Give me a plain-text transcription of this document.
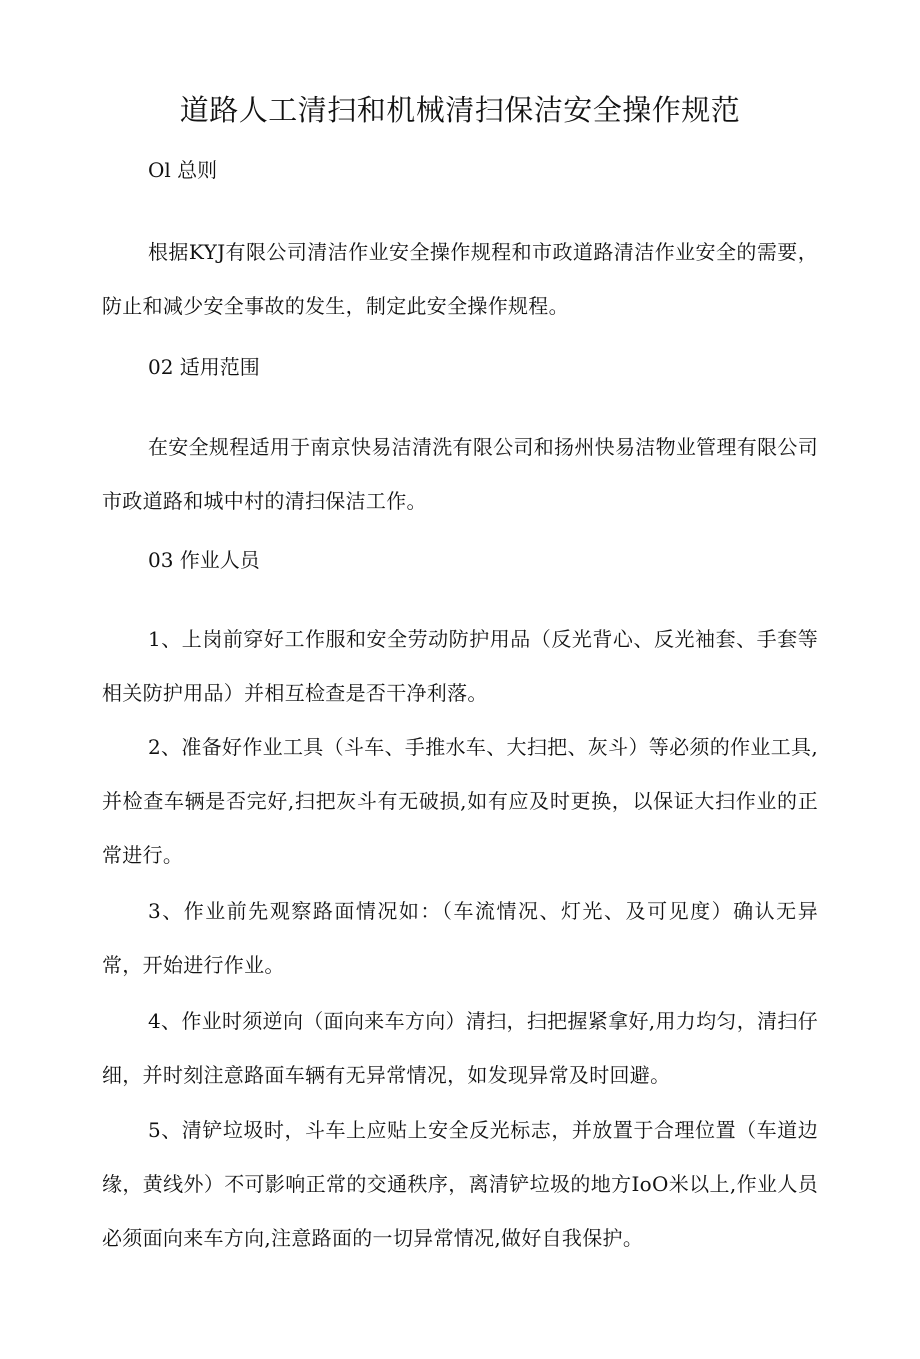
道路人工清扫和机械清扫保洁安全操作规范

Ol 总则

根据KYJ有限公司清洁作业安全操作规程和市政道路清洁作业安全的需要，防止和减少安全事故的发生，制定此安全操作规程。

02 适用范围

在安全规程适用于南京快易洁清洗有限公司和扬州快易洁物业管理有限公司市政道路和城中村的清扫保洁工作。

03 作业人员

1、上岗前穿好工作服和安全劳动防护用品（反光背心、反光袖套、手套等相关防护用品）并相互检查是否干净利落。

2、准备好作业工具（斗车、手推水车、大扫把、灰斗）等必须的作业工具,并检查车辆是否完好,扫把灰斗有无破损,如有应及时更换，以保证大扫作业的正常进行。

3、作业前先观察路面情况如：（车流情况、灯光、及可见度）确认无异常，开始进行作业。

4、作业时须逆向（面向来车方向）清扫，扫把握紧拿好,用力均匀，清扫仔细，并时刻注意路面车辆有无异常情况，如发现异常及时回避。

5、清铲垃圾时，斗车上应贴上安全反光标志，并放置于合理位置（车道边缘，黄线外）不可影响正常的交通秩序，离清铲垃圾的地方IoO米以上,作业人员必须面向来车方向,注意路面的一切异常情况,做好自我保护。
